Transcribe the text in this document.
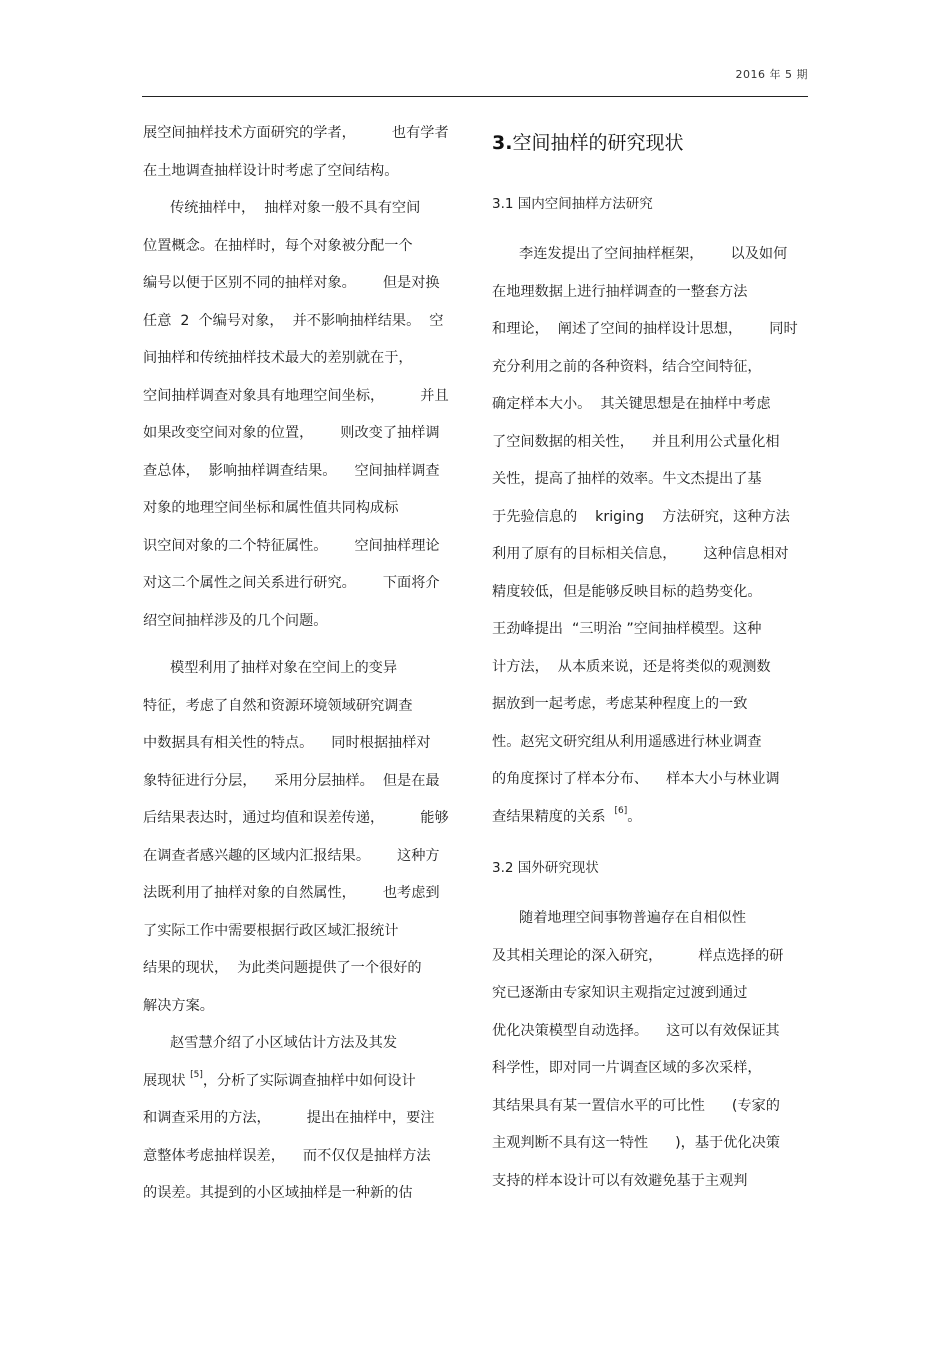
2016 年 5 期
展空间抽样技术方面研究的学者，        也有学者
在土地调查抽样设计时考虑了空间结构。
传统抽样中，  抽样对象一般不具有空间
位置概念。在抽样时，每个对象被分配一个
编号以便于区别不同的抽样对象。      但是对换
任意  2  个编号对象，  并不影响抽样结果。  空
间抽样和传统抽样技术最大的差别就在于，
空间抽样调查对象具有地理空间坐标，        并且
如果改变空间对象的位置，      则改变了抽样调
查总体，  影响抽样调查结果。    空间抽样调查
对象的地理空间坐标和属性值共同构成标
识空间对象的二个特征属性。      空间抽样理论
对这二个属性之间关系进行研究。      下面将介
绍空间抽样涉及的几个问题。
模型利用了抽样对象在空间上的变异
特征，考虑了自然和资源环境领域研究调查
中数据具有相关性的特点。    同时根据抽样对
象特征进行分层，    采用分层抽样。  但是在最
后结果表达时，通过均值和误差传递，        能够
在调查者感兴趣的区域内汇报结果。      这种方
法既利用了抽样对象的自然属性，      也考虑到
了实际工作中需要根据行政区域汇报统计
结果的现状，  为此类问题提供了一个很好的
解决方案。
赵雪慧介绍了小区域估计方法及其发
展现状 [5]，分析了实际调查抽样中如何设计
和调查采用的方法，        提出在抽样中，要注
意整体考虑抽样误差，    而不仅仅是抽样方法
的误差。其提到的小区域抽样是一种新的估
3.空间抽样的研究现状
3.1 国内空间抽样方法研究
李连发提出了空间抽样框架，      以及如何
在地理数据上进行抽样调查的一整套方法
和理论，  阐述了空间的抽样设计思想，      同时
充分利用之前的各种资料，结合空间特征，
确定样本大小。  其关键思想是在抽样中考虑
了空间数据的相关性，    并且利用公式量化相
关性，提高了抽样的效率。牛文杰提出了基
于先验信息的    kriging    方法研究，这种方法
利用了原有的目标相关信息，      这种信息相对
精度较低，但是能够反映目标的趋势变化。
王劲峰提出  “三明治 ”空间抽样模型。这种
计方法，  从本质来说，还是将类似的观测数
据放到一起考虑，考虑某种程度上的一致
性。赵宪文研究组从利用遥感进行林业调查
的角度探讨了样本分布、    样本大小与林业调
查结果精度的关系  [6]。
3.2 国外研究现状
随着地理空间事物普遍存在自相似性
及其相关理论的深入研究，        样点选择的研
究已逐渐由专家知识主观指定过渡到通过
优化决策模型自动选择。    这可以有效保证其
科学性，即对同一片调查区域的多次采样，
其结果具有某一置信水平的可比性      (专家的
主观判断不具有这一特性      )，基于优化决策
支持的样本设计可以有效避免基于主观判
